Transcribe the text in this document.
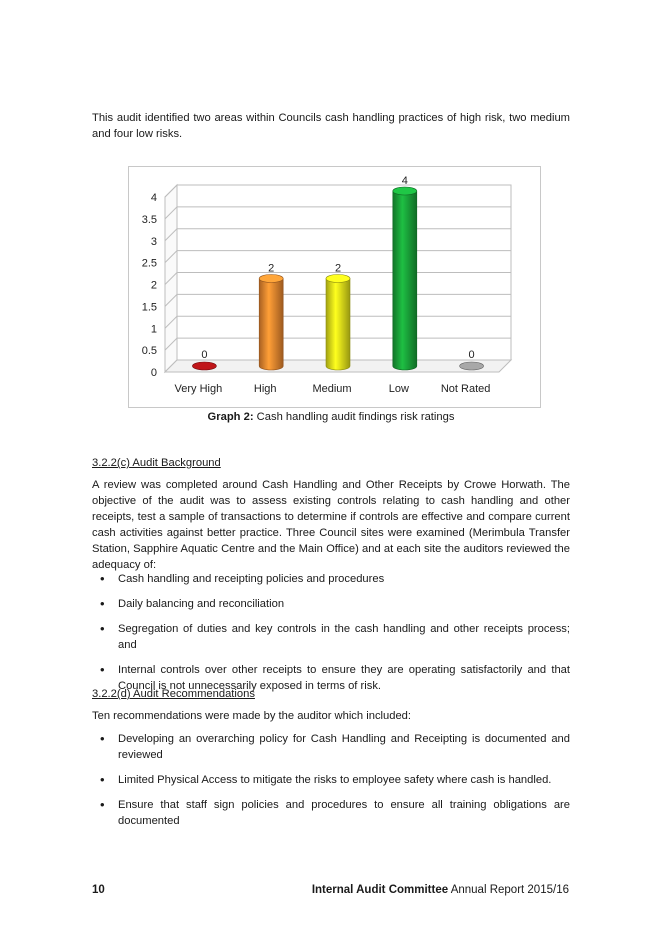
This audit identified two areas within Councils cash handling practices of high risk, two medium and four low risks.

0
0.5
1
1.5
2
2.5
3
3.5
4
0
Very High
2
High
2
Medium
4
Low
0
Not Rated
Graph 2: Cash handling audit findings risk ratings
3.2.2(c) Audit Background

A review was completed around Cash Handling and Other Receipts by Crowe Horwath. The objective of the audit was to assess existing controls relating to cash handling and other receipts, test a sample of transactions to determine if controls are effective and compare current cash activities against better practice. Three Council sites were examined (Merimbula Transfer Station, Sapphire Aquatic Centre and the Main Office) and at each site the auditors reviewed the adequacy of:

• Cash handling and receipting policies and procedures
• Daily balancing and reconciliation
• Segregation of duties and key controls in the cash handling and other receipts process; and
• Internal controls over other receipts to ensure they are operating satisfactorily and that Council is not unnecessarily exposed in terms of risk.
3.2.2(d) Audit Recommendations

Ten recommendations were made by the auditor which included:

• Developing an overarching policy for Cash Handling and Receipting is documented and reviewed
• Limited Physical Access to mitigate the risks to employee safety where cash is handled.
• Ensure that staff sign policies and procedures to ensure all training obligations are documented
10	Internal Audit Committee Annual Report 2015/16
